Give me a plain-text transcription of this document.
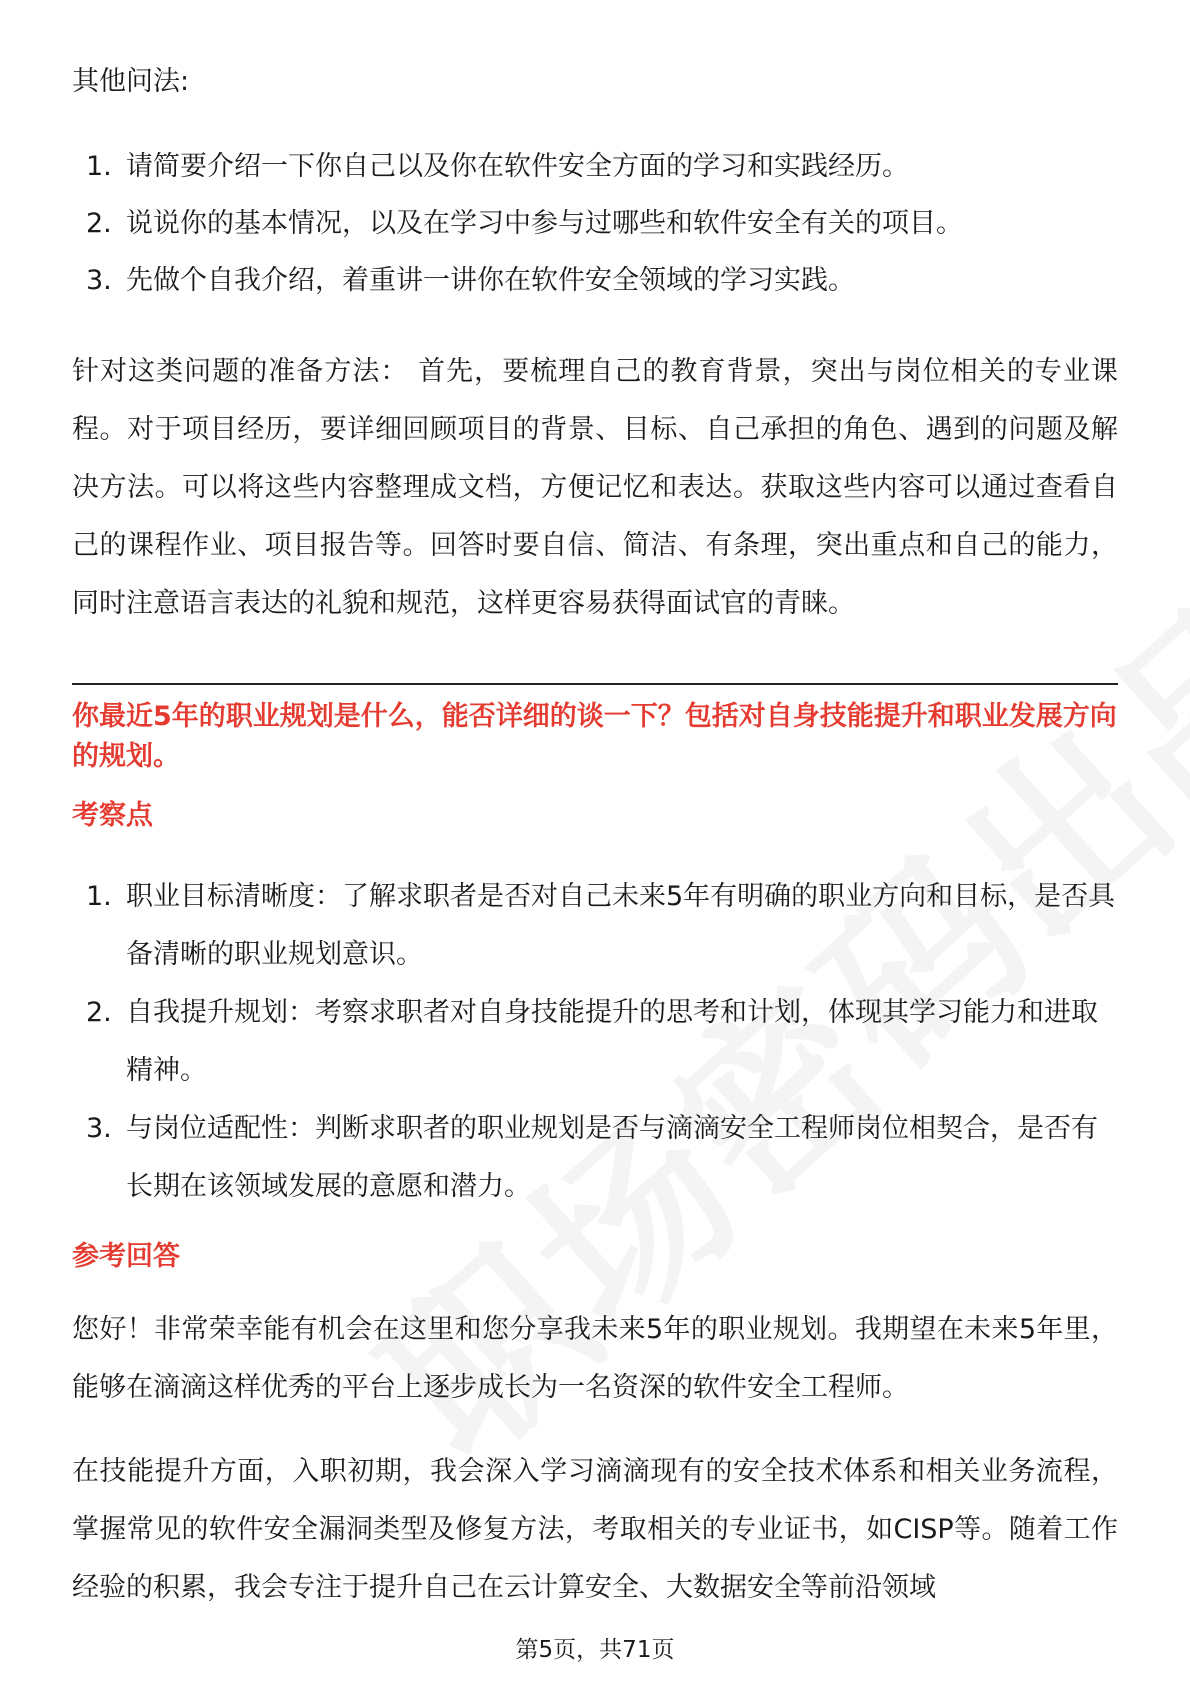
其他问法:

1. 请简要介绍一下你自己以及你在软件安全方面的学习和实践经历。
2. 说说你的基本情况，以及在学习中参与过哪些和软件安全有关的项目。
3. 先做个自我介绍，着重讲一讲你在软件安全领域的学习实践。

针对这类问题的准备方法： 首先，要梳理自己的教育背景，突出与岗位相关的专业课程。对于项目经历，要详细回顾项目的背景、目标、自己承担的角色、遇到的问题及解决方法。可以将这些内容整理成文档，方便记忆和表达。获取这些内容可以通过查看自己的课程作业、项目报告等。回答时要自信、简洁、有条理，突出重点和自己的能力，同时注意语言表达的礼貌和规范，这样更容易获得面试官的青睐。

你最近5年的职业规划是什么，能否详细的谈一下？包括对自身技能提升和职业发展方向的规划。

考察点

1. 职业目标清晰度：了解求职者是否对自己未来5年有明确的职业方向和目标，是否具备清晰的职业规划意识。
2. 自我提升规划：考察求职者对自身技能提升的思考和计划，体现其学习能力和进取精神。
3. 与岗位适配性：判断求职者的职业规划是否与滴滴安全工程师岗位相契合，是否有长期在该领域发展的意愿和潜力。

参考回答

您好！非常荣幸能有机会在这里和您分享我未来5年的职业规划。我期望在未来5年里，能够在滴滴这样优秀的平台上逐步成长为一名资深的软件安全工程师。

在技能提升方面，入职初期，我会深入学习滴滴现有的安全技术体系和相关业务流程，掌握常见的软件安全漏洞类型及修复方法，考取相关的专业证书，如CISP等。随着工作经验的积累，我会专注于提升自己在云计算安全、大数据安全等前沿领域

第5页，共71页
